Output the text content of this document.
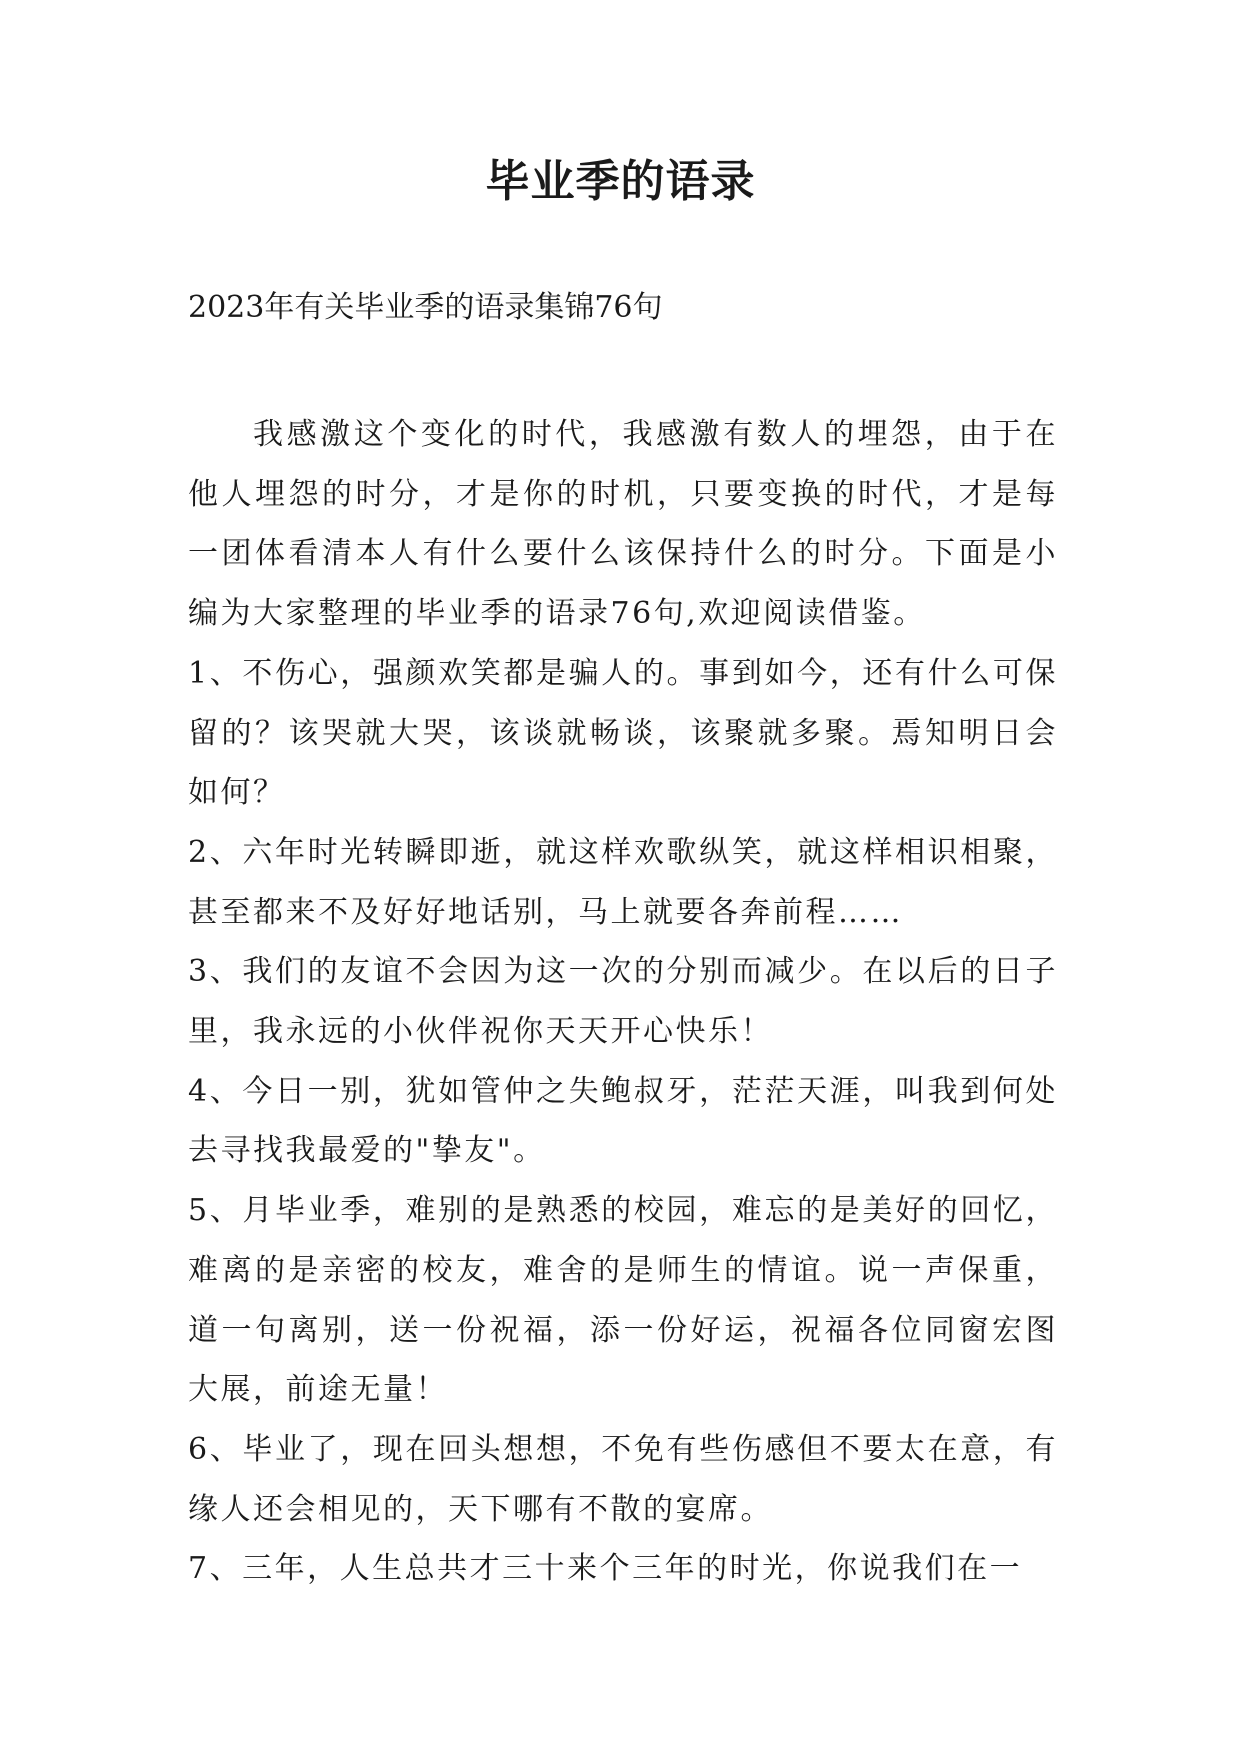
毕业季的语录
2023年有关毕业季的语录集锦76句

我感激这个变化的时代，我感激有数人的埋怨，由于在他人埋怨的时分，才是你的时机，只要变换的时代，才是每一团体看清本人有什么要什么该保持什么的时分。下面是小编为大家整理的毕业季的语录76句,欢迎阅读借鉴。

1、不伤心，强颜欢笑都是骗人的。事到如今，还有什么可保留的？该哭就大哭，该谈就畅谈，该聚就多聚。焉知明日会如何？

2、六年时光转瞬即逝，就这样欢歌纵笑，就这样相识相聚，甚至都来不及好好地话别，马上就要各奔前程……

3、我们的友谊不会因为这一次的分别而减少。在以后的日子里，我永远的小伙伴祝你天天开心快乐！

4、今日一别，犹如管仲之失鲍叔牙，茫茫天涯，叫我到何处去寻找我最爱的"挚友"。

5、月毕业季，难别的是熟悉的校园，难忘的是美好的回忆，难离的是亲密的校友，难舍的是师生的情谊。说一声保重，道一句离别，送一份祝福，添一份好运，祝福各位同窗宏图大展，前途无量！

6、毕业了，现在回头想想，不免有些伤感但不要太在意，有缘人还会相见的，天下哪有不散的宴席。

7、三年，人生总共才三十来个三年的时光，你说我们在一
